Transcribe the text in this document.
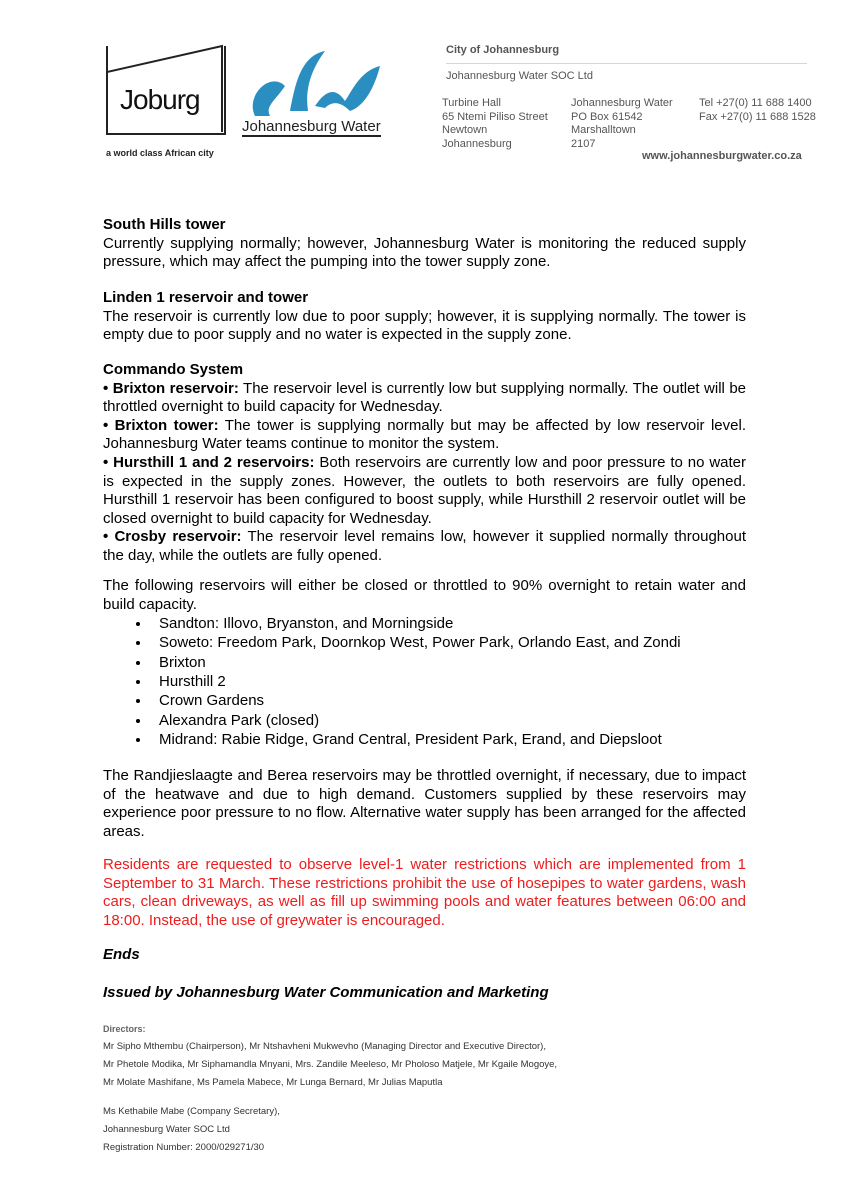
Joburg
a world class African city
Johannesburg Water
City of Johannesburg
Johannesburg Water SOC Ltd
Turbine Hall
65 Ntemi Piliso Street
Newtown
Johannesburg
Johannesburg Water
PO Box 61542
Marshalltown
2107
Tel +27(0) 11 688 1400
Fax +27(0) 11 688 1528
www.johannesburgwater.co.za
South Hills tower
Currently supplying normally; however, Johannesburg Water is monitoring the reduced supply pressure, which may affect the pumping into the tower supply zone.
Linden 1 reservoir and tower
The reservoir is currently low due to poor supply; however, it is supplying normally. The tower is empty due to poor supply and no water is expected in the supply zone.
Commando System
• Brixton reservoir: The reservoir level is currently low but supplying normally. The outlet will be throttled overnight to build capacity for Wednesday.
• Brixton tower: The tower is supplying normally but may be affected by low reservoir level. Johannesburg Water teams continue to monitor the system.
• Hursthill 1 and 2 reservoirs: Both reservoirs are currently low and poor pressure to no water is expected in the supply zones. However, the outlets to both reservoirs are fully opened. Hursthill 1 reservoir has been configured to boost supply, while Hursthill 2 reservoir outlet will be closed overnight to build capacity for Wednesday.
• Crosby reservoir: The reservoir level remains low, however it supplied normally throughout the day, while the outlets are fully opened.
The following reservoirs will either be closed or throttled to 90% overnight to retain water and build capacity.
• Sandton: Illovo, Bryanston, and Morningside
• Soweto: Freedom Park, Doornkop West, Power Park, Orlando East, and Zondi
• Brixton
• Hursthill 2
• Crown Gardens
• Alexandra Park (closed)
• Midrand: Rabie Ridge, Grand Central, President Park, Erand, and Diepsloot
The Randjieslaagte and Berea reservoirs may be throttled overnight, if necessary, due to impact of the heatwave and due to high demand. Customers supplied by these reservoirs may experience poor pressure to no flow. Alternative water supply has been arranged for the affected areas.
Residents are requested to observe level-1 water restrictions which are implemented from 1 September to 31 March. These restrictions prohibit the use of hosepipes to water gardens, wash cars, clean driveways, as well as fill up swimming pools and water features between 06:00 and 18:00. Instead, the use of greywater is encouraged.
Ends
Issued by Johannesburg Water Communication and Marketing
Directors:
Mr Sipho Mthembu (Chairperson), Mr Ntshavheni Mukwevho (Managing Director and Executive Director),
Mr Phetole Modika, Mr Siphamandla Mnyani, Mrs. Zandile Meeleso, Mr Pholoso Matjele, Mr Kgaile Mogoye,
Mr Molate Mashifane, Ms Pamela Mabece, Mr Lunga Bernard, Mr Julias Maputla
Ms Kethabile Mabe (Company Secretary),
Johannesburg Water SOC Ltd
Registration Number: 2000/029271/30
